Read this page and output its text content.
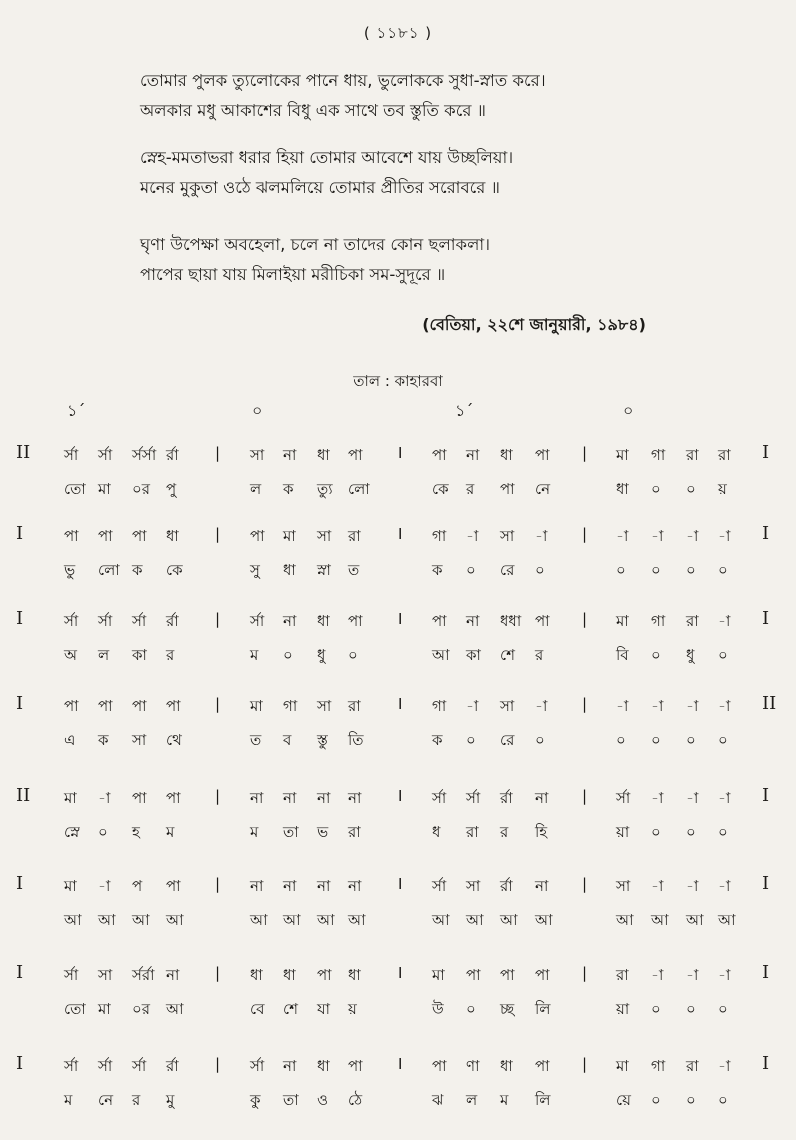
( ১১৮১ )
তোমার পুলক ত্যুলোকের পানে ধায়, ভুলোককে সুধা-স্নাত করে।
অলকার মধু আকাশের বিধু এক সাথে তব স্তুতি করে ॥
স্নেহ-মমতাভরা ধরার হিয়া তোমার আবেশে যায় উচ্ছলিয়া।
মনের মুকুতা ওঠে ঝলমলিয়ে তোমার প্রীতির সরোবরে ॥
ঘৃণা উপেক্ষা অবহেলা, চলে না তাদের কোন ছলাকলা।
পাপের ছায়া যায় মিলাইয়া মরীচিকা সম-সুদূরে ॥
(বেতিয়া, ২২শে জানুয়ারী, ১৯৮৪)
তাল : কাহারবা
১´	০	১´	০
II	I
র্সা র্সা র্সর্সা র্রা | সা না ধা পা I পা না ধা পা | মা গা রা রা
তো মা ০র পু	ল ক ত্যু লো	কে র পা নে	ধা ০ ০ য়
I	I
পা পা পা ধা | পা মা সা রা I গা -া সা -া | -া -া -া -া
ভু লো ক কে	সু ধা স্না ত	ক ০ রে ০	০ ০ ০ ০
I	I
র্সা র্সা র্সা র্রা | র্সা না ধা পা I পা না ধধা পা | মা গা রা -া
অ ল কা র	ম ০ ধু ০	আ কা শে র	বি ০ ধু ০
I	II
পা পা পা পা | মা গা সা রা I গা -া সা -া | -া -া -া -া
এ ক সা থে	ত ব স্তু তি	ক ০ রে ০	০ ০ ০ ০
II	I
মা -া পা পা | না না না না I র্সা র্সা র্রা না | র্সা -া -া -া
স্নে ০ হ ম	ম তা ভ রা	ধ রা র হি	য়া ০ ০ ০
I	I
মা -া প পা | না না না না I র্সা সা র্রা না | সা -া -া -া
আ আ আ আ	আ আ আ আ	আ আ আ আ	আ আ আ আ
I	I
র্সা সা র্সর্রা না | ধা ধা পা ধা I মা পা পা পা | রা -া -া -া
তো মা ০র আ	বে শে যা য়	উ ০ চ্ছ লি	য়া ০ ০ ০
I	I
র্সা র্সা র্সা র্রা | র্সা না ধা পা I পা ণা ধা পা | মা গা রা -া
ম নে র মু	কু তা ও ঠে	ঝ ল ম লি	য়ে ০ ০ ০
